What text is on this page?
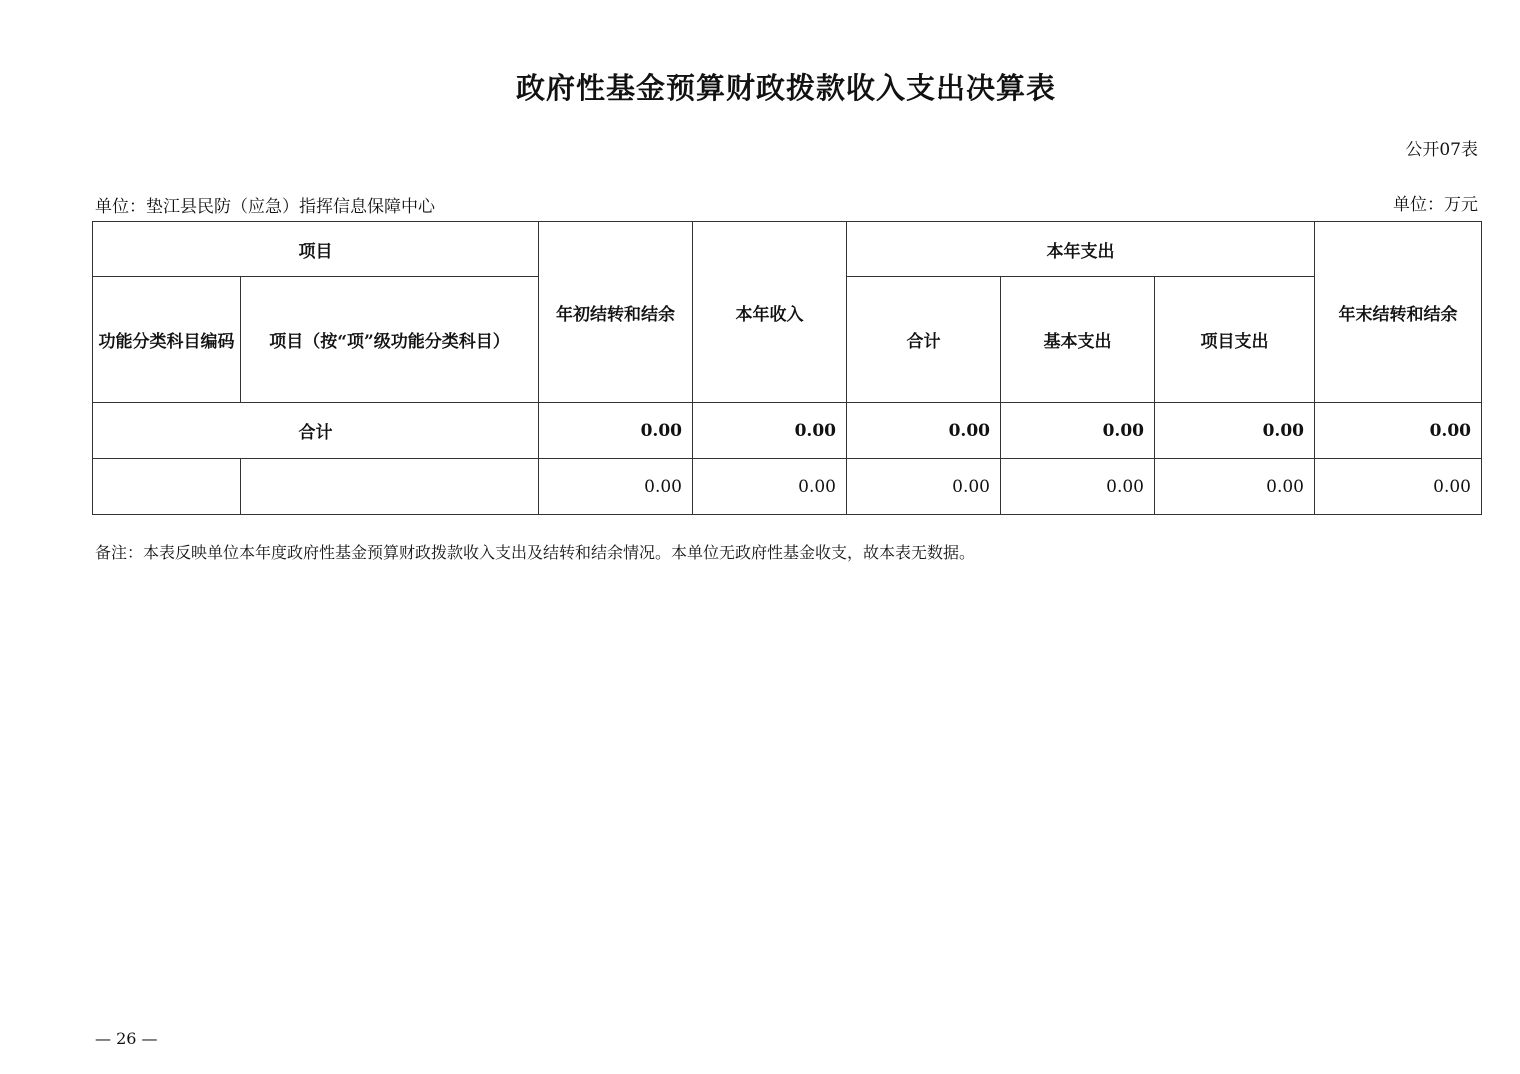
政府性基金预算财政拨款收入支出决算表
公开07表
单位：垫江县民防（应急）指挥信息保障中心	单位：万元
项目		年初结转和结余	本年收入	本年支出			年末结转和结余
功能分类科目编码	项目（按“项”级功能分类科目）			合计	基本支出	项目支出	
合计		0.00	0.00	0.00	0.00	0.00	0.00
		0.00	0.00	0.00	0.00	0.00	0.00
备注：本表反映单位本年度政府性基金预算财政拨款收入支出及结转和结余情况。本单位无政府性基金收支，故本表无数据。
— 26 —
